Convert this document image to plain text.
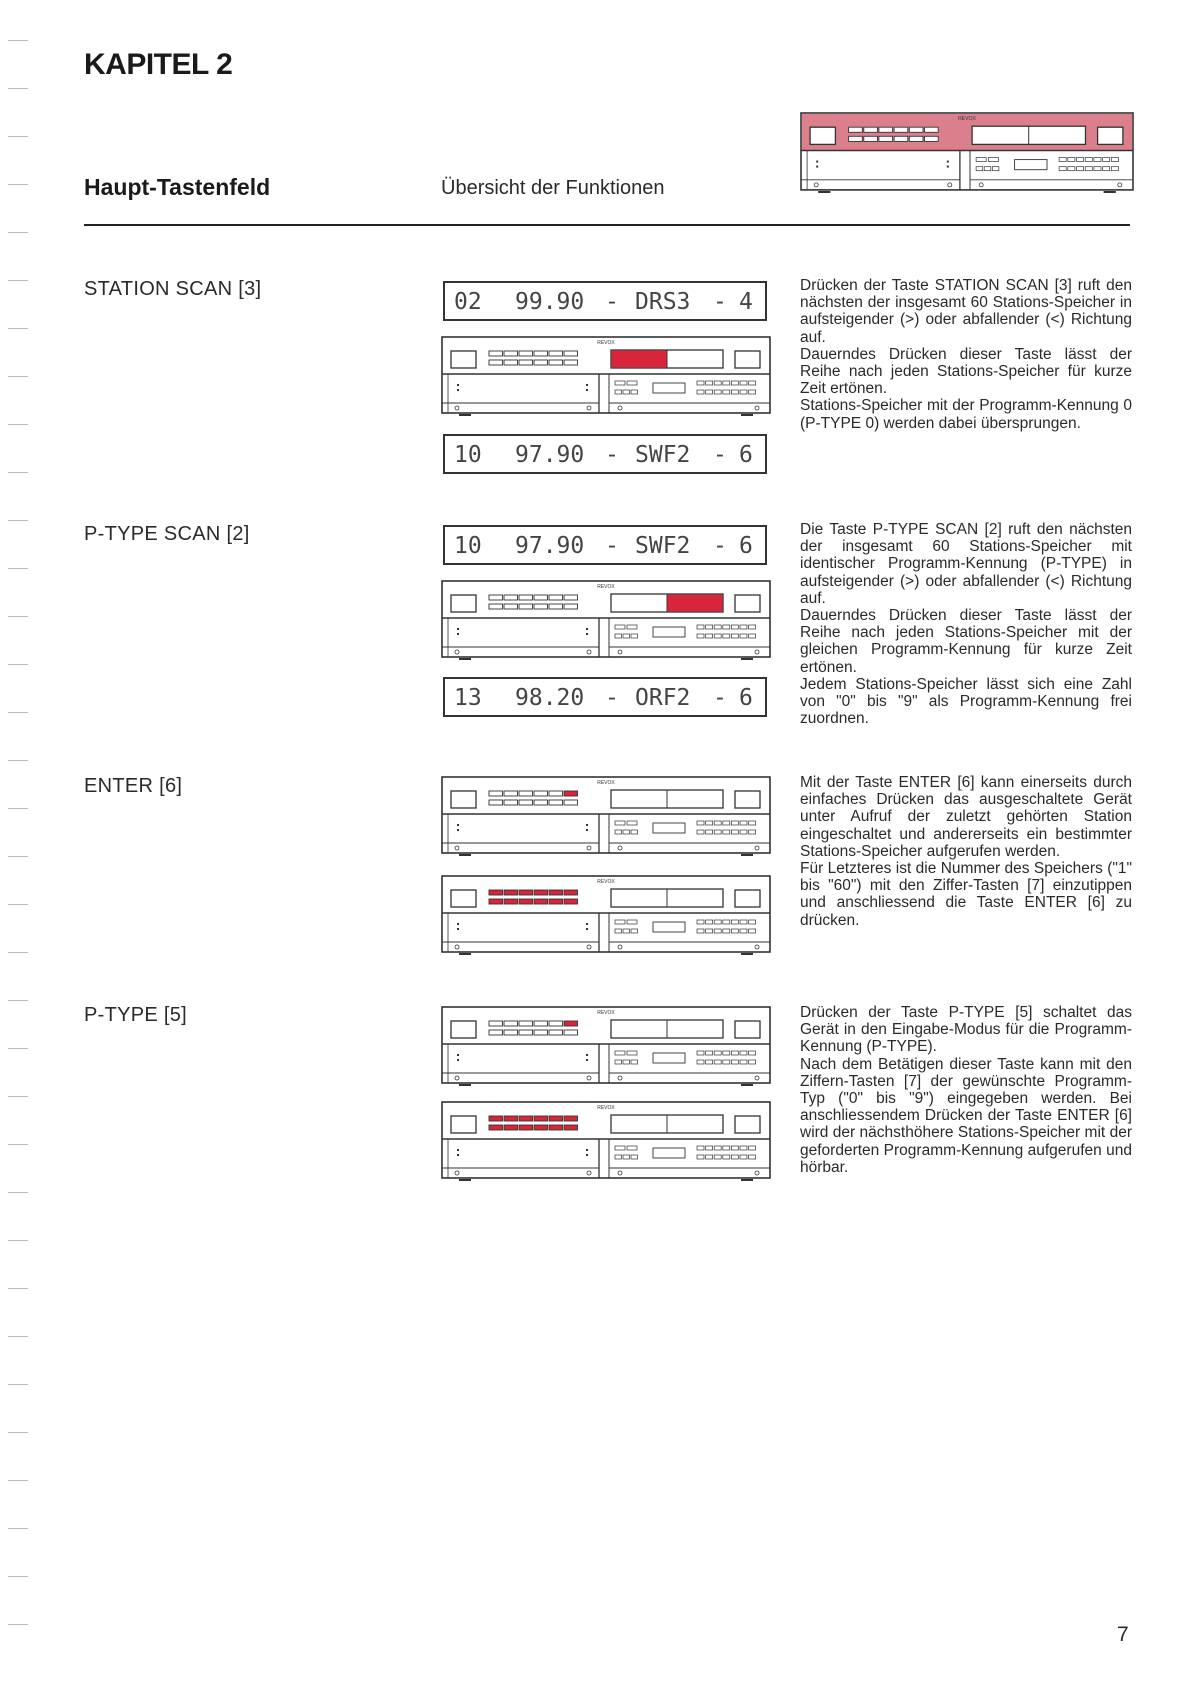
KAPITEL 2
REVOX
Haupt-Tastenfeld	Übersicht der Funktionen
STATION SCAN [3]	02 99.90 - DRS3 - 4
REVOX
10 97.90 - SWF2 - 6

Drücken der Taste STATION SCAN [3] ruft den nächsten der insgesamt 60 Stations-Speicher in aufsteigender (>) oder abfallender (<) Richtung auf.

Dauerndes Drücken dieser Taste lässt der Reihe nach jeden Stations-Speicher für kurze Zeit ertönen.

Stations-Speicher mit der Programm-Kennung 0 (P-TYPE 0) werden dabei übersprungen.

P-TYPE SCAN [2]	10 97.90 - SWF2 - 6
REVOX
13 98.20 - ORF2 - 6

Die Taste P-TYPE SCAN [2] ruft den nächsten der insgesamt 60 Stations-Speicher mit identischer Programm-Kennung (P-TYPE) in aufsteigender (>) oder abfallender (<) Richtung auf.

Dauerndes Drücken dieser Taste lässt der Reihe nach jeden Stations-Speicher mit der gleichen Programm-Kennung für kurze Zeit ertönen.

Jedem Stations-Speicher lässt sich eine Zahl von "0" bis "9" als Programm-Kennung frei zuordnen.

ENTER [6]	REVOX
REVOX

Mit der Taste ENTER [6] kann einerseits durch einfaches Drücken das ausgeschaltete Gerät unter Aufruf der zuletzt gehörten Station eingeschaltet und andererseits ein bestimmter Stations-Speicher aufgerufen werden.

Für Letzteres ist die Nummer des Speichers ("1" bis "60") mit den Ziffer-Tasten [7] einzutippen und anschliessend die Taste ENTER [6] zu drücken.

P-TYPE [5]	REVOX
REVOX

Drücken der Taste P-TYPE [5] schaltet das Gerät in den Eingabe-Modus für die Programm-Kennung (P-TYPE).

Nach dem Betätigen dieser Taste kann mit den Ziffern-Tasten [7] der gewünschte Programm-Typ ("0" bis "9") eingegeben werden. Bei anschliessendem Drücken der Taste ENTER [6] wird der nächsthöhere Stations-Speicher mit der geforderten Programm-Kennung aufgerufen und hörbar.

7
